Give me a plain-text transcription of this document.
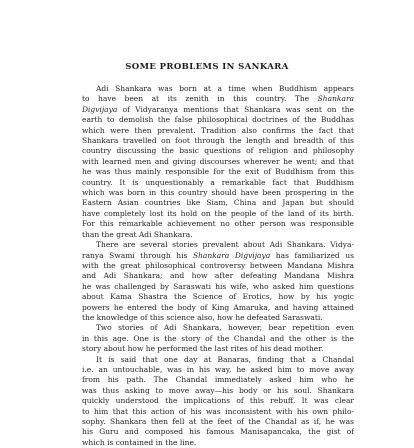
SOME PROBLEMS IN SANKARA
Adi Shankara was born at a time when Buddhism appears
to have been at its zenith in this country. The Shankara
Digvijaya of Vidyaranya mentions that Shankara was sent on the
earth to demolish the false philosophical doctrines of the Buddhas
which were then prevalent. Tradition also confirms the fact that
Shankara travelled on foot through the length and breadth of this
country discussing the basic questions of religion and philosophy
with learned men and giving discourses wherever he went; and that
he was thus mainly responsible for the exit of Buddhism from this
country. It is unquestionably a remarkable fact that Buddhism
which was born in this country should have been prospering in the
Eastern Asian countries like Siam, China and Japan but should
have completely lost its hold on the people of the land of its birth.
For this remarkable achievement no other person was responsible
than the great Adi Shankara.
There are several stories prevalent about Adi Shankara. Vidya-
ranya Swami through his Shankara Digvijaya has familiarized us
with the great philosophical controversy between Mandana Mishra
and Adi Shankara; and how after defeating Mandana Mishra
he was challenged by Saraswati his wife, who asked him questions
about Kama Shastra the Science of Erotics, how by his yogic
powers he entered the body of King Amaruka, and having attained
the knowledge of this science also, how he defeated Saraswati.
Two stories of Adi Shankara, however, bear repetition even
in this age. One is the story of the Chandal and the other is the
story about how he performed the last rites of his dead mother.
It is said that one day at Banaras, finding that a Chandal
i.e. an untouchable, was in his way, he asked him to move away
from his path. The Chandal immediately asked him who he
was thus asking to move away—his body or his soul. Shankara
quickly understood the implications of this rebuff. It was clear
to him that this action of his was inconsistent with his own philo-
sophy. Shankara then fell at the feet of the Chandal as if, he was
his Guru and composed his famous Manisapancaka, the gist of
which is contained in the line.
